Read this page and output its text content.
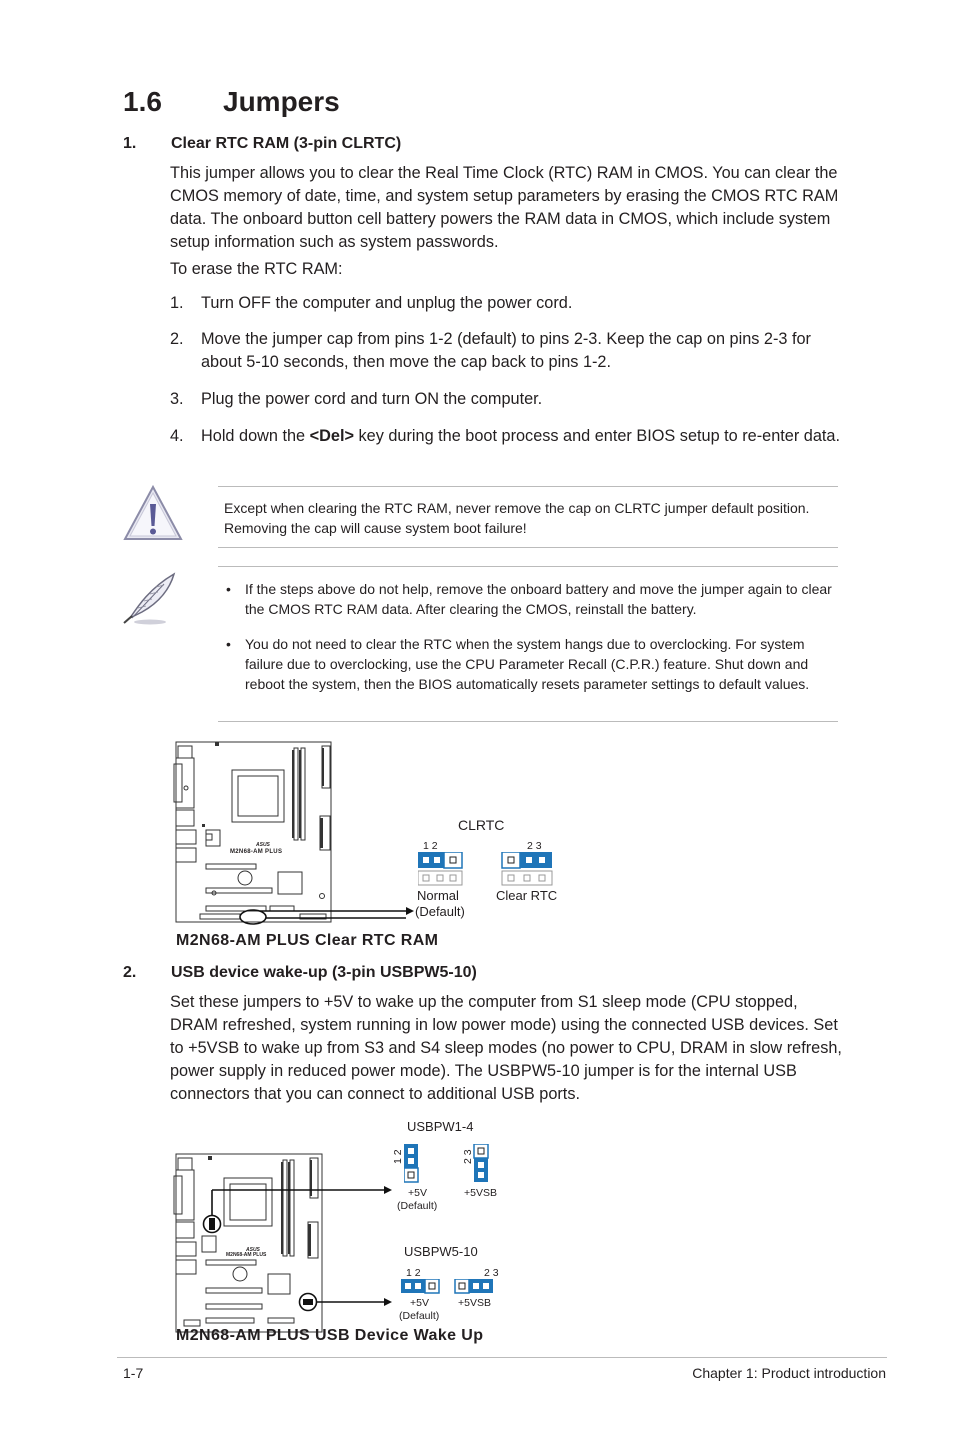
1.6 Jumpers
1. Clear RTC RAM (3-pin CLRTC)
This jumper allows you to clear the Real Time Clock (RTC) RAM in CMOS. You can clear the CMOS memory of date, time, and system setup parameters by erasing the CMOS RTC RAM data. The onboard button cell battery powers the RAM data in CMOS, which include system setup information such as system passwords.
To erase the RTC RAM:
1. Turn OFF the computer and unplug the power cord.
2. Move the jumper cap from pins 1-2 (default) to pins 2-3. Keep the cap on pins 2-3 for about 5-10 seconds, then move the cap back to pins 1-2.
3. Plug the power cord and turn ON the computer.
4. Hold down the <Del> key during the boot process and enter BIOS setup to re-enter data.
Except when clearing the RTC RAM, never remove the cap on CLRTC jumper default position. Removing the cap will cause system boot failure!
• If the steps above do not help, remove the onboard battery and move the jumper again to clear the CMOS RTC RAM data. After clearing the CMOS, reinstall the battery.
• You do not need to clear the RTC when the system hangs due to overclocking. For system failure due to overclocking, use the CPU Parameter Recall (C.P.R.) feature. Shut down and reboot the system, then the BIOS automatically resets parameter settings to default values.
M2N68-AM PLUS
ASUS
CLRTC
1 2	2 3
Normal
(Default)
Clear RTC
M2N68-AM PLUS Clear RTC RAM
2. USB device wake-up (3-pin USBPW5-10)
Set these jumpers to +5V to wake up the computer from S1 sleep mode (CPU stopped, DRAM refreshed, system running in low power mode) using the connected USB devices. Set to +5VSB to wake up from S3 and S4 sleep modes (no power to CPU, DRAM in slow refresh, power supply in reduced power mode). The USBPW5-10 jumper is for the internal USB connectors that you can connect to additional USB ports.
M2N68-AM PLUS
ASUS
USBPW1-4
1 2	2 3
+5V
(Default)
+5VSB
USBPW5-10
1 2	2 3
+5V
(Default)
+5VSB
M2N68-AM PLUS USB Device Wake Up
1-7	Chapter 1: Product introduction
